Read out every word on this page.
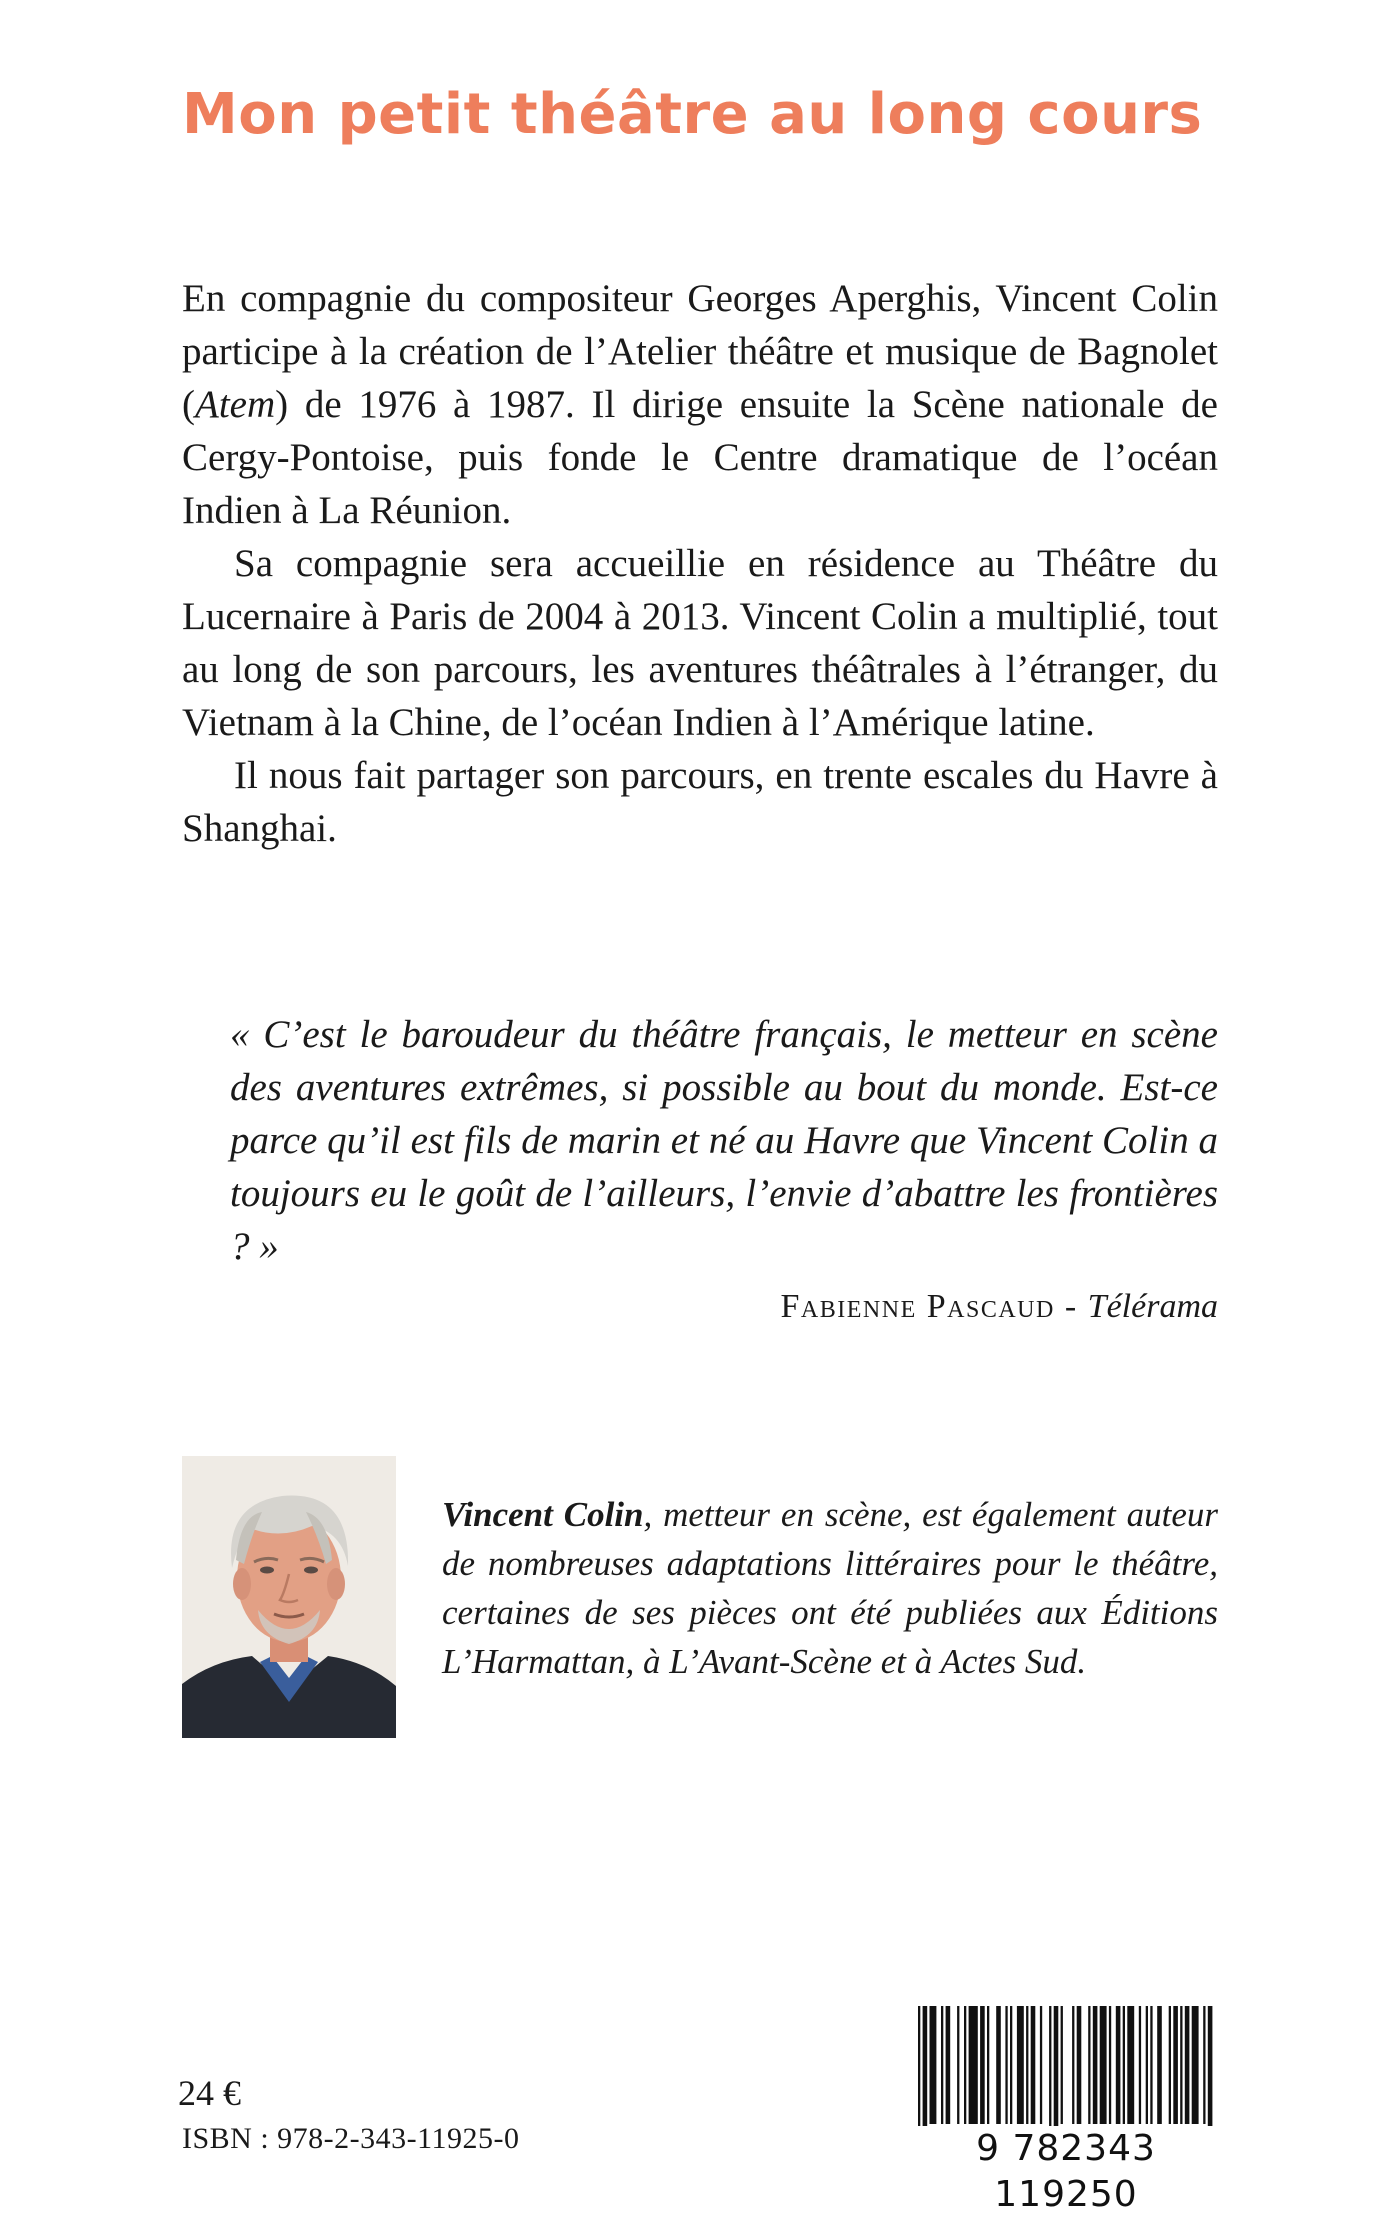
Mon petit théâtre au long cours

En compagnie du compositeur Georges Aperghis, Vincent Colin participe à la création de l’Atelier théâtre et musique de Bagnolet (Atem) de 1976 à 1987. Il dirige ensuite la Scène nationale de Cergy-Pontoise, puis fonde le Centre dramatique de l’océan Indien à La Réunion.

Sa compagnie sera accueillie en résidence au Théâtre du Lucernaire à Paris de 2004 à 2013. Vincent Colin a multiplié, tout au long de son parcours, les aventures théâtrales à l’étranger, du Vietnam à la Chine, de l’océan Indien à l’Amérique latine.

Il nous fait partager son parcours, en trente escales du Havre à Shanghai.

« C’est le baroudeur du théâtre français, le metteur en scène des aventures extrêmes, si possible au bout du monde. Est-ce parce qu’il est fils de marin et né au Havre que Vincent Colin a toujours eu le goût de l’ailleurs, l’envie d’abattre les frontières ? »

Fabienne Pascaud - Télérama

Vincent Colin, metteur en scène, est également auteur de nombreuses adaptations littéraires pour le théâtre, certaines de ses pièces ont été publiées aux Éditions L’Harmattan, à L’Avant-Scène et à Actes Sud.

9 782343 119250

24 €

ISBN : 978-2-343-11925-0
